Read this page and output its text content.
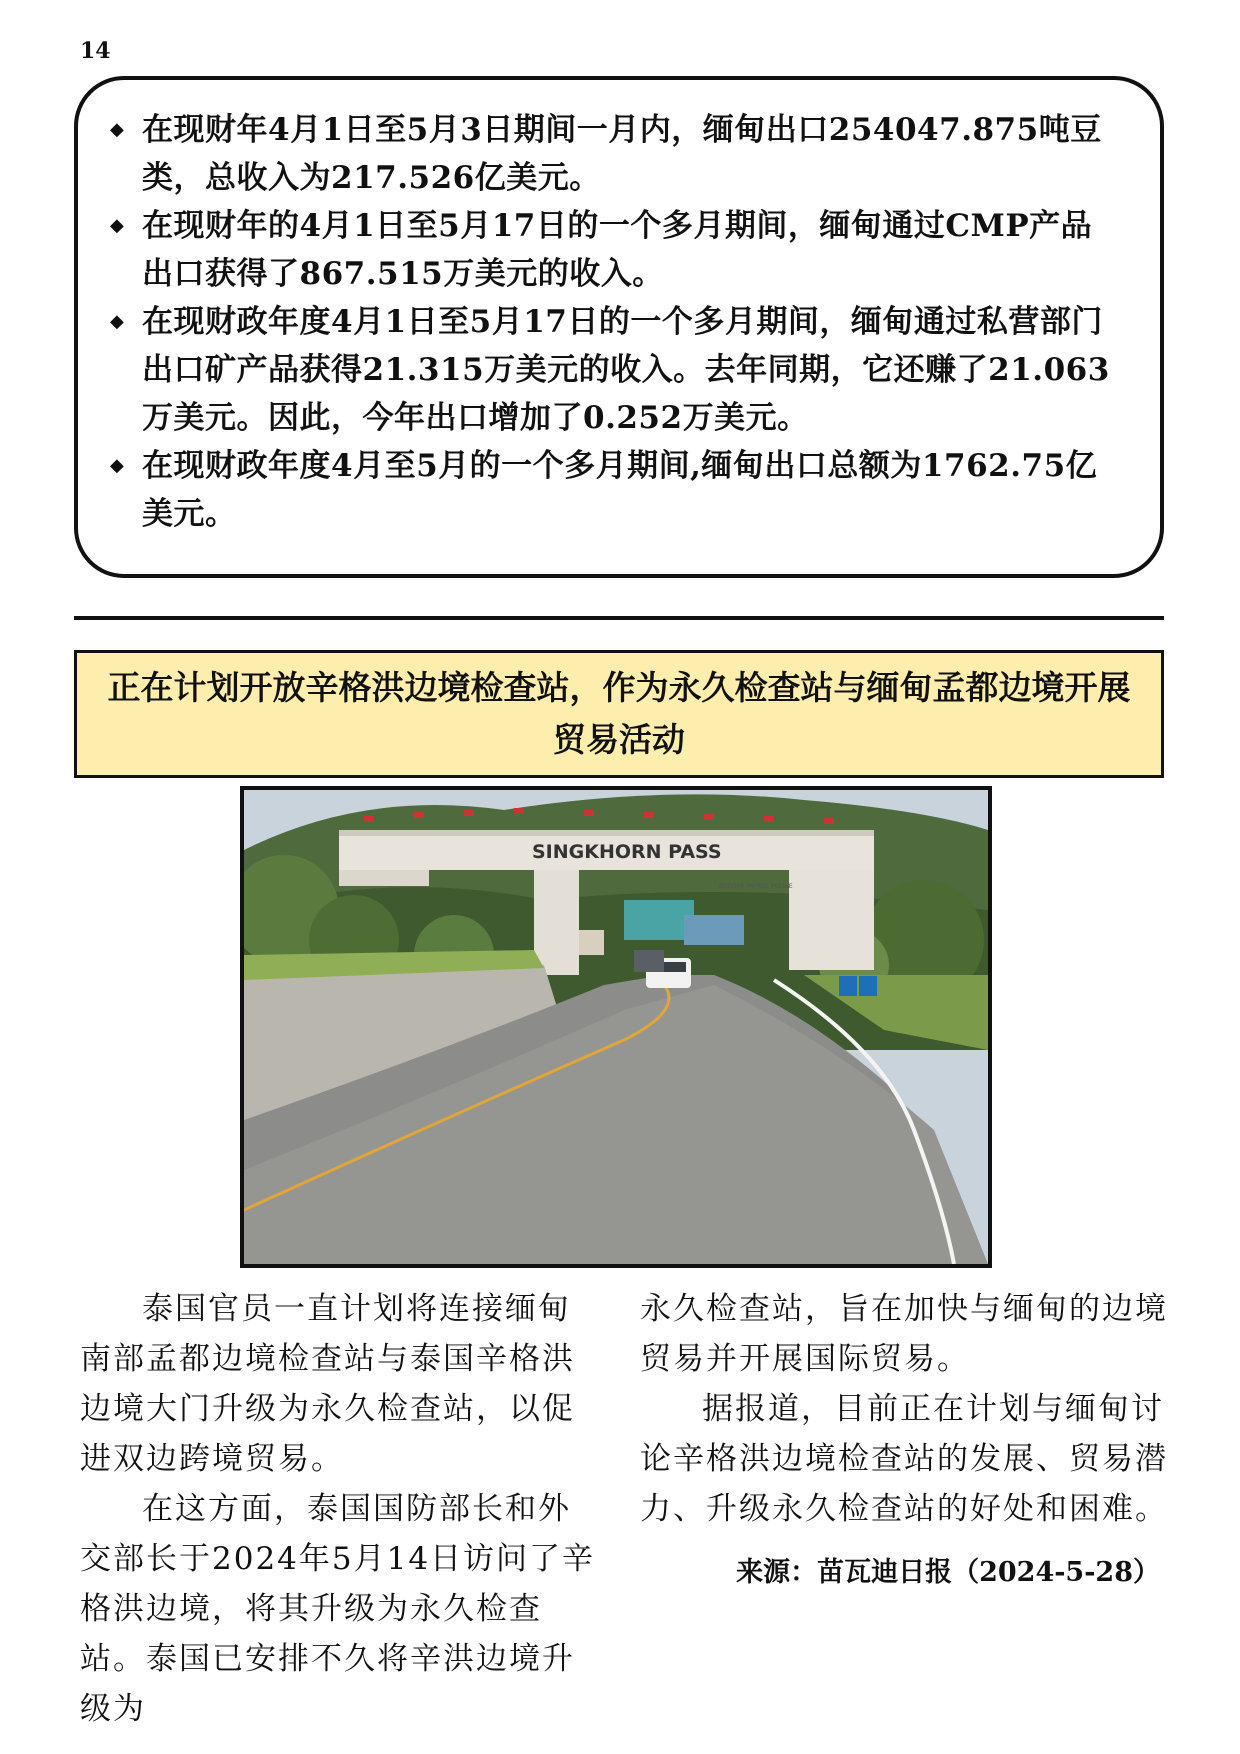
14
◆ 在现财年4月1日至5月3日期间一月内，缅甸出口254047.875吨豆类，总收入为217.526亿美元。
◆ 在现财年的4月1日至5月17日的一个多月期间，缅甸通过CMP产品出口获得了867.515万美元的收入。
◆ 在现财政年度4月1日至5月17日的一个多月期间，缅甸通过私营部门出口矿产品获得21.315万美元的收入。去年同期，它还赚了21.063万美元。因此，今年出口增加了0.252万美元。
◆ 在现财政年度4月至5月的一个多月期间,缅甸出口总额为1762.75亿美元。
正在计划开放辛格洪边境检查站，作为永久检查站与缅甸孟都边境开展贸易活动
SINGKHORN PASS
BORDER PATROL POLICE

泰国官员一直计划将连接缅甸南部孟都边境检查站与泰国辛格洪边境大门升级为永久检查站，以促进双边跨境贸易。

在这方面，泰国国防部长和外交部长于2024年5月14日访问了辛格洪边境，将其升级为永久检查站。泰国已安排不久将辛洪边境升级为

永久检查站，旨在加快与缅甸的边境贸易并开展国际贸易。

据报道，目前正在计划与缅甸讨论辛格洪边境检查站的发展、贸易潜力、升级永久检查站的好处和困难。

来源：苗瓦迪日报（2024-5-28）
